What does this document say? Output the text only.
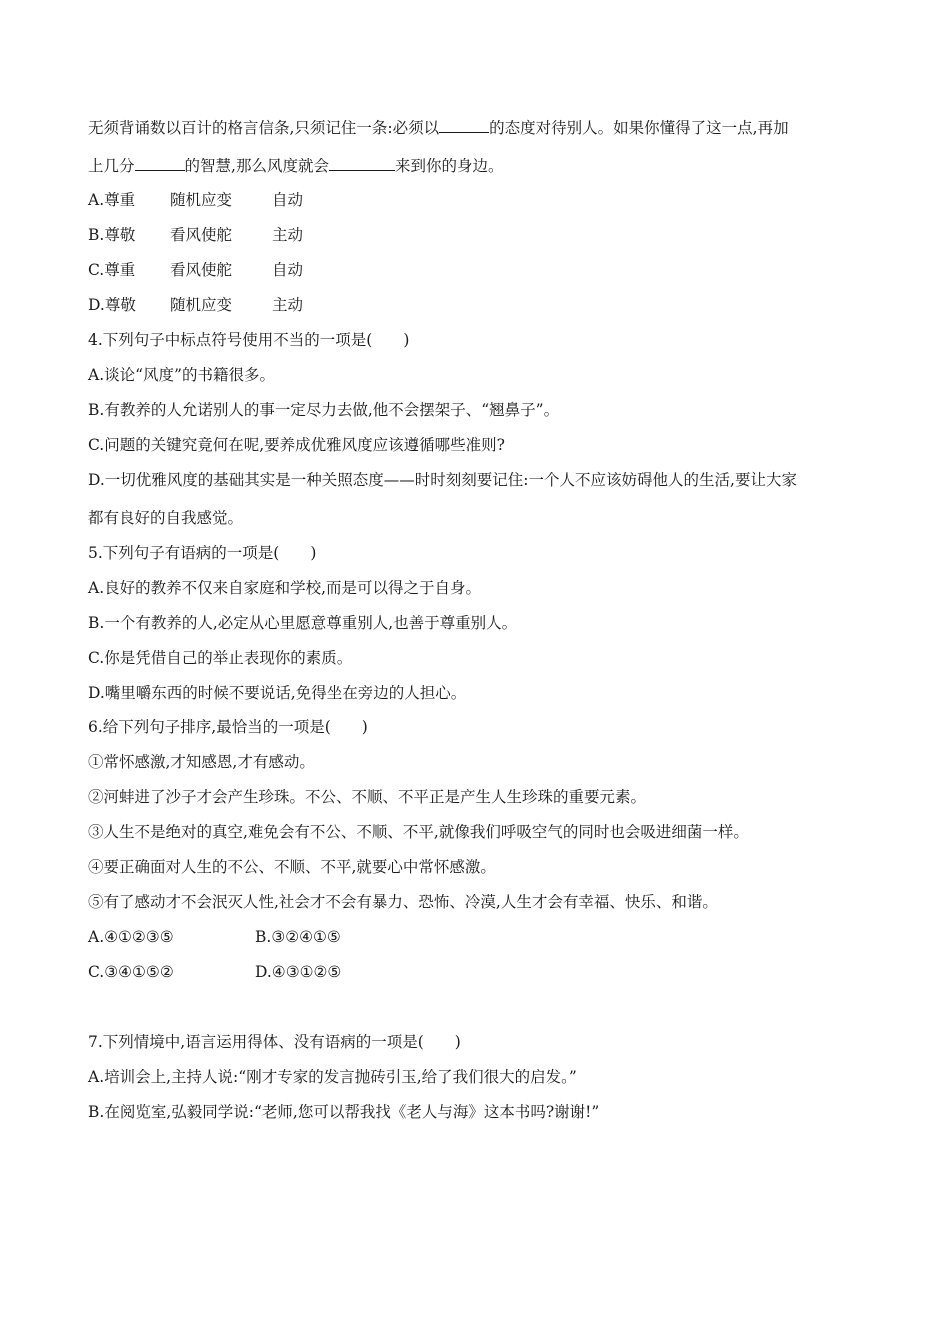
无须背诵数以百计的格言信条,只须记住一条:必须以	的态度对待别人。如果你懂得了这一点,再加
上几分	的智慧,那么风度就会	来到你的身边。
A.尊重 随机应变	自动
B.尊敬 看风使舵	主动
C.尊重 看风使舵	自动
D.尊敬 随机应变	主动
4.下列句子中标点符号使用不当的一项是(　　)
A.谈论“风度”的书籍很多。
B.有教养的人允诺别人的事一定尽力去做,他不会摆架子、“翘鼻子”。
C.问题的关键究竟何在呢,要养成优雅风度应该遵循哪些准则?
D.一切优雅风度的基础其实是一种关照态度——时时刻刻要记住:一个人不应该妨碍他人的生活,要让大家
都有良好的自我感觉。
5.下列句子有语病的一项是(　　)
A.良好的教养不仅来自家庭和学校,而是可以得之于自身。
B.一个有教养的人,必定从心里愿意尊重别人,也善于尊重别人。
C.你是凭借自己的举止表现你的素质。
D.嘴里嚼东西的时候不要说话,免得坐在旁边的人担心。
6.给下列句子排序,最恰当的一项是(　　)
①常怀感激,才知感恩,才有感动。
②河蚌进了沙子才会产生珍珠。不公、不顺、不平正是产生人生珍珠的重要元素。
③人生不是绝对的真空,难免会有不公、不顺、不平,就像我们呼吸空气的同时也会吸进细菌一样。
④要正确面对人生的不公、不顺、不平,就要心中常怀感激。
⑤有了感动才不会泯灭人性,社会才不会有暴力、恐怖、冷漠,人生才会有幸福、快乐、和谐。
A.④①②③⑤	B.③②④①⑤
C.③④①⑤②	D.④③①②⑤
7.下列情境中,语言运用得体、没有语病的一项是(　　)
A.培训会上,主持人说:“刚才专家的发言抛砖引玉,给了我们很大的启发。”
B.在阅览室,弘毅同学说:“老师,您可以帮我找《老人与海》这本书吗?谢谢!”
